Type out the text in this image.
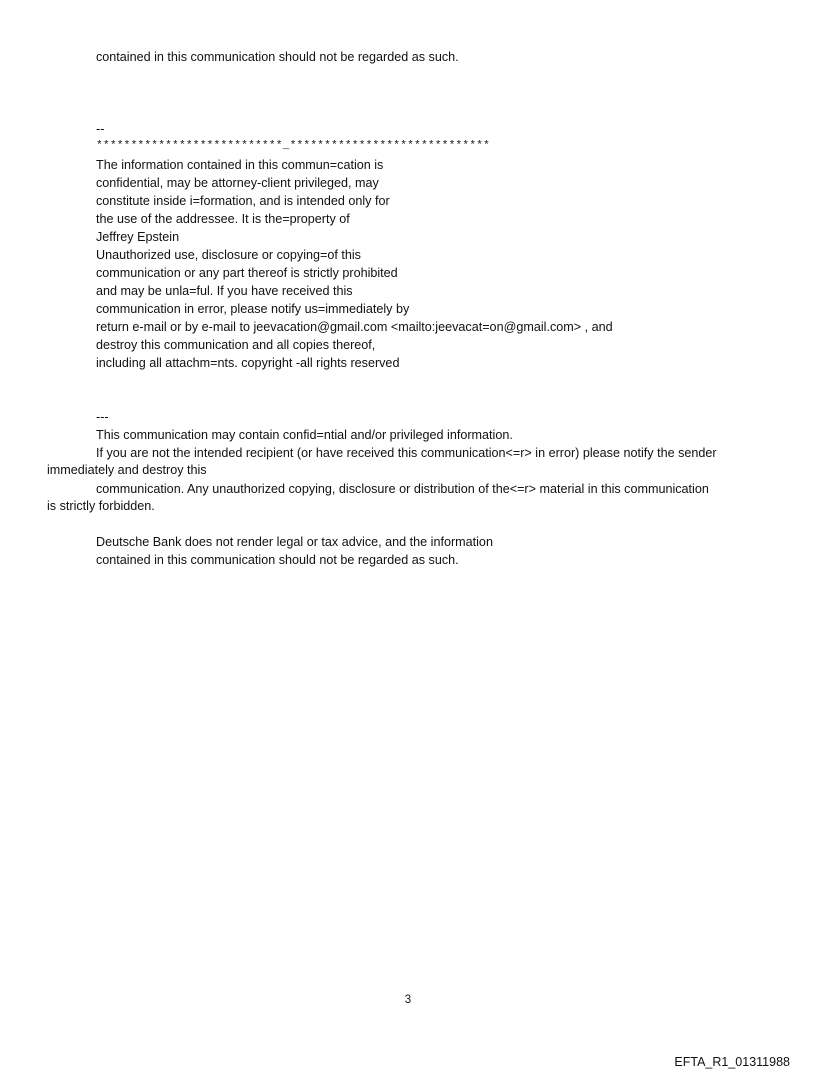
contained in this communication should not be regarded as such.
--
***************************_*****************************
The information contained in this commun=cation is
confidential, may be attorney-client privileged, may
constitute inside i=formation, and is intended only for
the use of the addressee. It is the=property of
Jeffrey Epstein
Unauthorized use, disclosure or copying=of this
communication or any part thereof is strictly prohibited
and may be unla=ful. If you have received this
communication in error, please notify us=immediately by
return e-mail or by e-mail to jeevacation@gmail.com <mailto:jeevacat=on@gmail.com> , and
destroy this communication and all copies thereof,
including all attachm=nts. copyright -all rights reserved
---
This communication may contain confid=ntial and/or privileged information.
If you are not the intended recipient (or have received this communication<=r> in error) please notify the sender
immediately and destroy this
communication. Any unauthorized copying, disclosure or distribution of the<=r> material in this communication
is strictly forbidden.
Deutsche Bank does not render legal or tax advice, and the information
contained in this communication should not be regarded as such.
3
EFTA_R1_01311988
